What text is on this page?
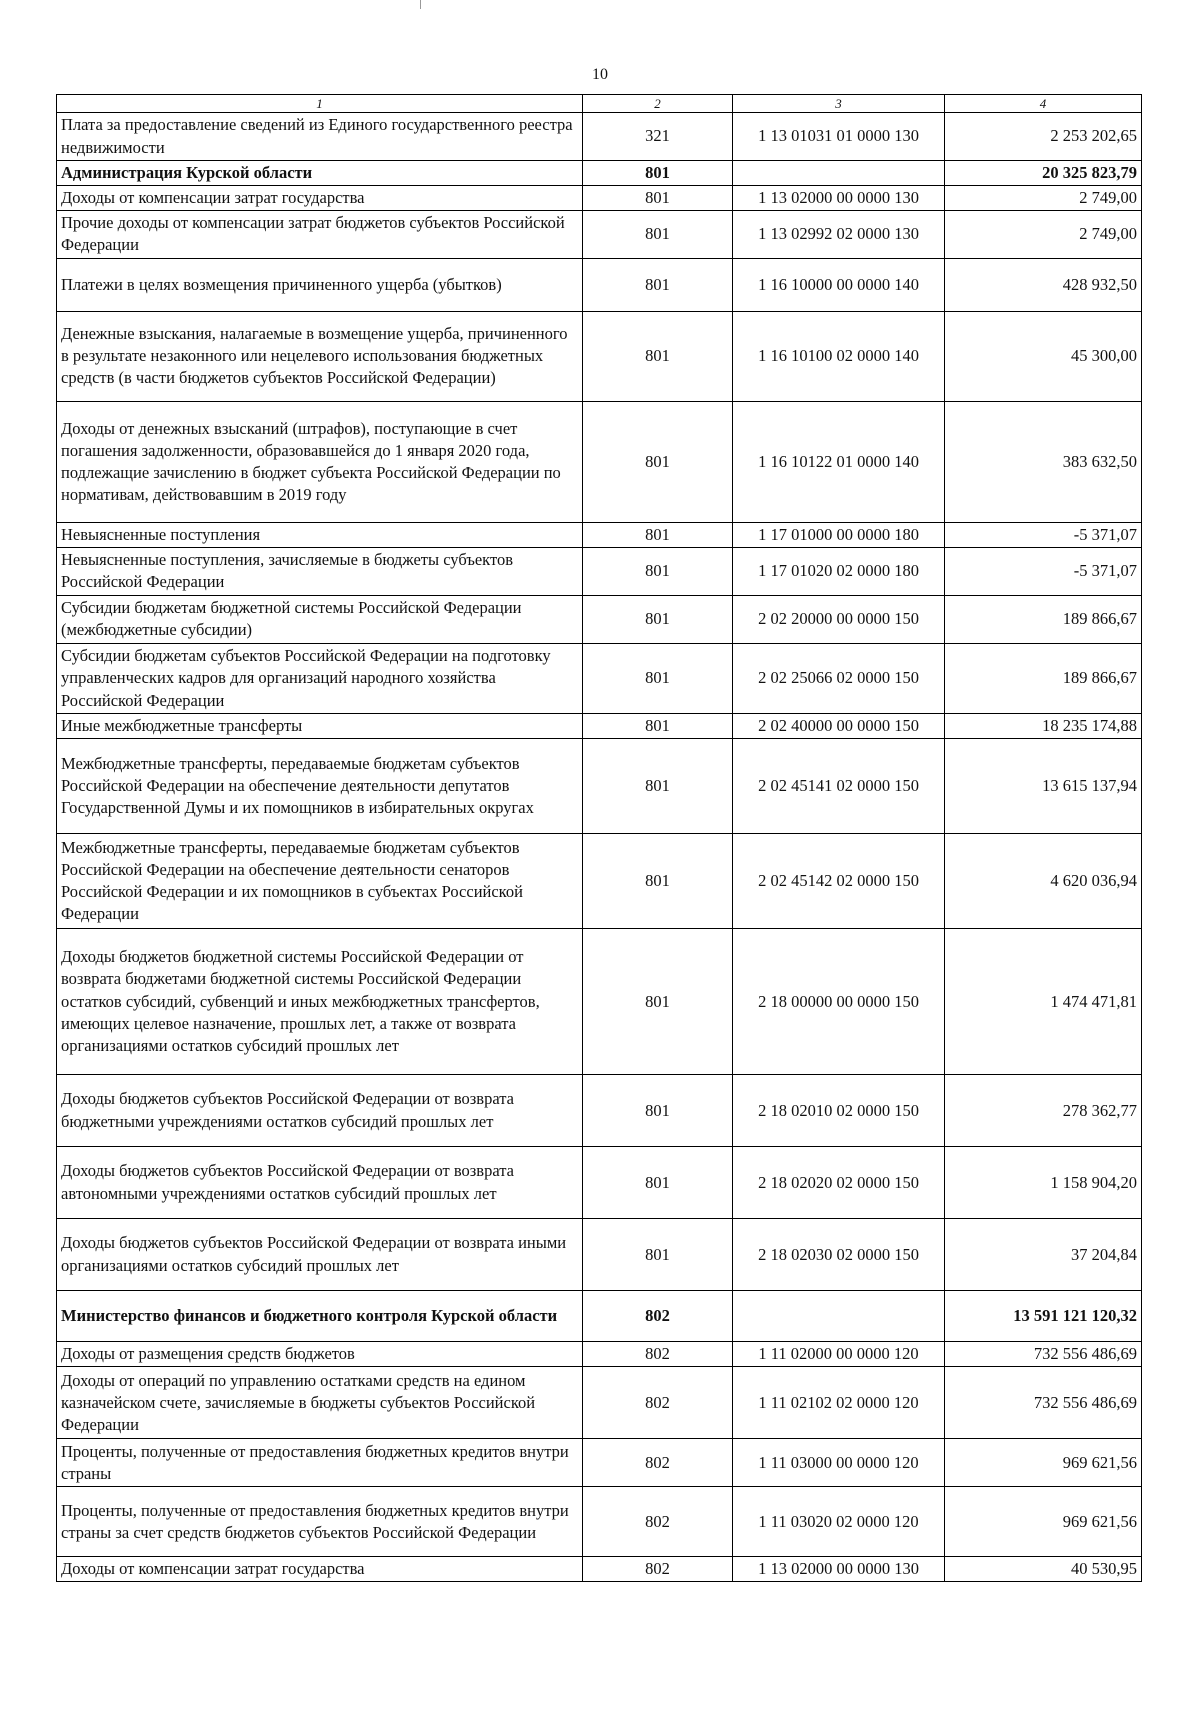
10
1	2	3	4
Плата за предоставление сведений из Единого государственного реестра недвижимости	321	1 13 01031 01 0000 130	2 253 202,65
Администрация Курской области	801		20 325 823,79
Доходы от компенсации затрат государства	801	1 13 02000 00 0000 130	2 749,00
Прочие доходы от компенсации затрат бюджетов субъектов Российской Федерации	801	1 13 02992 02 0000 130	2 749,00
Платежи в целях возмещения причиненного ущерба (убытков)	801	1 16 10000 00 0000 140	428 932,50
Денежные взыскания, налагаемые в возмещение ущерба, причиненного в результате незаконного или нецелевого использования бюджетных средств (в части бюджетов субъектов Российской Федерации)	801	1 16 10100 02 0000 140	45 300,00
Доходы от денежных взысканий (штрафов), поступающие в счет погашения задолженности, образовавшейся до 1 января 2020 года, подлежащие зачислению в бюджет субъекта Российской Федерации по нормативам, действовавшим в 2019 году	801	1 16 10122 01 0000 140	383 632,50
Невыясненные поступления	801	1 17 01000 00 0000 180	-5 371,07
Невыясненные поступления, зачисляемые в бюджеты субъектов Российской Федерации	801	1 17 01020 02 0000 180	-5 371,07
Субсидии бюджетам бюджетной системы Российской Федерации (межбюджетные субсидии)	801	2 02 20000 00 0000 150	189 866,67
Субсидии бюджетам субъектов Российской Федерации на подготовку управленческих кадров для организаций народного хозяйства Российской Федерации	801	2 02 25066 02 0000 150	189 866,67
Иные межбюджетные трансферты	801	2 02 40000 00 0000 150	18 235 174,88
Межбюджетные трансферты, передаваемые бюджетам субъектов Российской Федерации на обеспечение деятельности депутатов Государственной Думы и их помощников в избирательных округах	801	2 02 45141 02 0000 150	13 615 137,94
Межбюджетные трансферты, передаваемые бюджетам субъектов Российской Федерации на обеспечение деятельности сенаторов Российской Федерации и их помощников в субъектах Российской Федерации	801	2 02 45142 02 0000 150	4 620 036,94
Доходы бюджетов бюджетной системы Российской Федерации от возврата бюджетами бюджетной системы Российской Федерации остатков субсидий, субвенций и иных межбюджетных трансфертов, имеющих целевое назначение, прошлых лет, а также от возврата организациями остатков субсидий прошлых лет	801	2 18 00000 00 0000 150	1 474 471,81
Доходы бюджетов субъектов Российской Федерации от возврата бюджетными учреждениями остатков субсидий прошлых лет	801	2 18 02010 02 0000 150	278 362,77
Доходы бюджетов субъектов Российской Федерации от возврата автономными учреждениями остатков субсидий прошлых лет	801	2 18 02020 02 0000 150	1 158 904,20
Доходы бюджетов субъектов Российской Федерации от возврата иными организациями остатков субсидий прошлых лет	801	2 18 02030 02 0000 150	37 204,84
Министерство финансов и бюджетного контроля Курской области	802		13 591 121 120,32
Доходы от размещения средств бюджетов	802	1 11 02000 00 0000 120	732 556 486,69
Доходы от операций по управлению остатками средств на едином казначейском счете, зачисляемые в бюджеты субъектов Российской Федерации	802	1 11 02102 02 0000 120	732 556 486,69
Проценты, полученные от предоставления бюджетных кредитов внутри страны	802	1 11 03000 00 0000 120	969 621,56
Проценты, полученные от предоставления бюджетных кредитов внутри страны за счет средств бюджетов субъектов Российской Федерации	802	1 11 03020 02 0000 120	969 621,56
Доходы от компенсации затрат государства	802	1 13 02000 00 0000 130	40 530,95
